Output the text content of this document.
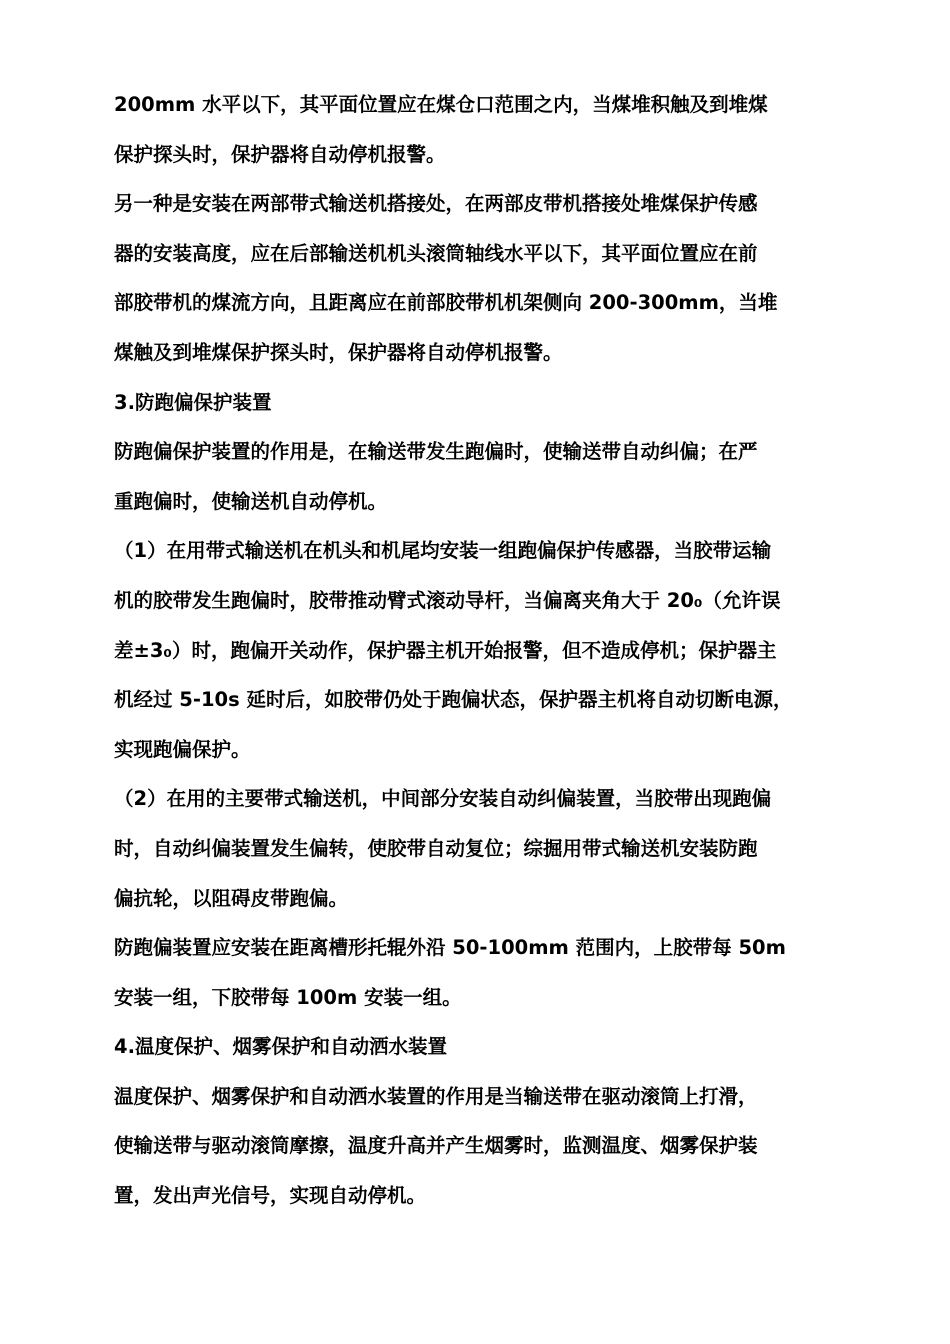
200mm 水平以下，其平面位置应在煤仓口范围之内，当煤堆积触及到堆煤
保护探头时，保护器将自动停机报警。

另一种是安装在两部带式输送机搭接处，在两部皮带机搭接处堆煤保护传感
器的安装高度，应在后部输送机机头滚筒轴线水平以下，其平面位置应在前
部胶带机的煤流方向，且距离应在前部胶带机机架侧向 200-300mm，当堆
煤触及到堆煤保护探头时，保护器将自动停机报警。

3.防跑偏保护装置

防跑偏保护装置的作用是，在输送带发生跑偏时，使输送带自动纠偏；在严
重跑偏时，使输送机自动停机。

（1）在用带式输送机在机头和机尾均安装一组跑偏保护传感器，当胶带运输
机的胶带发生跑偏时，胶带推动臂式滚动导杆，当偏离夹角大于 20₀（允许误
差±3₀）时，跑偏开关动作，保护器主机开始报警，但不造成停机；保护器主
机经过 5-10s 延时后，如胶带仍处于跑偏状态，保护器主机将自动切断电源，
实现跑偏保护。

（2）在用的主要带式输送机，中间部分安装自动纠偏装置，当胶带出现跑偏
时，自动纠偏装置发生偏转，使胶带自动复位；综掘用带式输送机安装防跑
偏抗轮，以阻碍皮带跑偏。

防跑偏装置应安装在距离槽形托辊外沿 50-100mm 范围内，上胶带每 50m
安装一组，下胶带每 100m 安装一组。

4.温度保护、烟雾保护和自动洒水装置

温度保护、烟雾保护和自动洒水装置的作用是当输送带在驱动滚筒上打滑，
使输送带与驱动滚筒摩擦，温度升高并产生烟雾时，监测温度、烟雾保护装
置，发出声光信号，实现自动停机。
